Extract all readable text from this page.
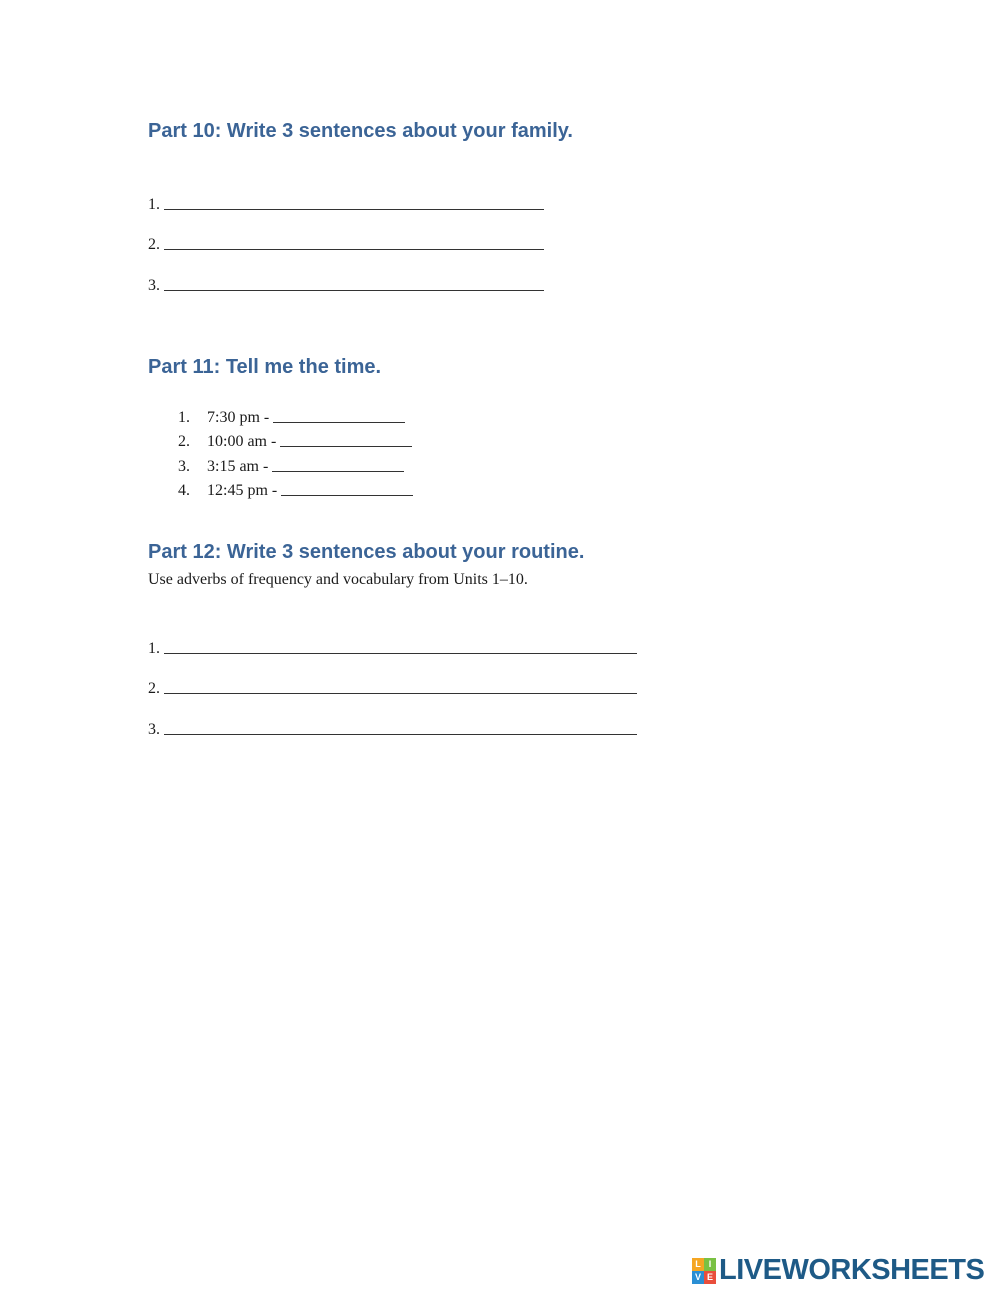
Part 10: Write 3 sentences about your family.
1.
2.
3.
Part 11: Tell me the time.
1.	7:30 pm -
2.	10:00 am -
3.	3:15 am -
4.	12:45 pm -
Part 12: Write 3 sentences about your routine.

Use adverbs of frequency and vocabulary from Units 1–10.

1.
2.
3.
L I
V E LIVEWORKSHEETS
